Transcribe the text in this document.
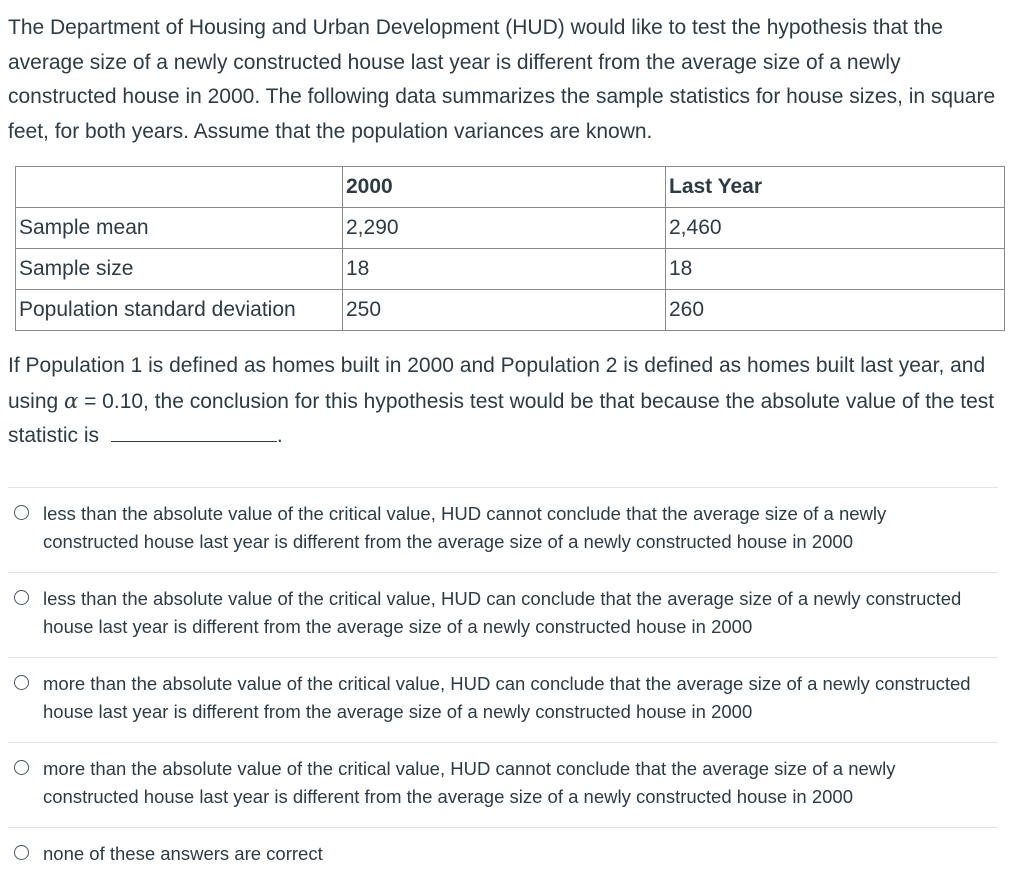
The Department of Housing and Urban Development (HUD) would like to test the hypothesis that the average size of a newly constructed house last year is different from the average size of a newly constructed house in 2000. The following data summarizes the sample statistics for house sizes, in square feet, for both years. Assume that the population variances are known.

	2000	Last Year
Sample mean	2,290	2,460
Sample size	18	18
Population standard deviation	250	260

If Population 1 is defined as homes built in 2000 and Population 2 is defined as homes built last year, and using α = 0.10, the conclusion for this hypothesis test would be that because the absolute value of the test statistic is	.

less than the absolute value of the critical value, HUD cannot conclude that the average size of a newly constructed house last year is different from the average size of a newly constructed house in 2000
less than the absolute value of the critical value, HUD can conclude that the average size of a newly constructed house last year is different from the average size of a newly constructed house in 2000
more than the absolute value of the critical value, HUD can conclude that the average size of a newly constructed house last year is different from the average size of a newly constructed house in 2000
more than the absolute value of the critical value, HUD cannot conclude that the average size of a newly constructed house last year is different from the average size of a newly constructed house in 2000
none of these answers are correct
